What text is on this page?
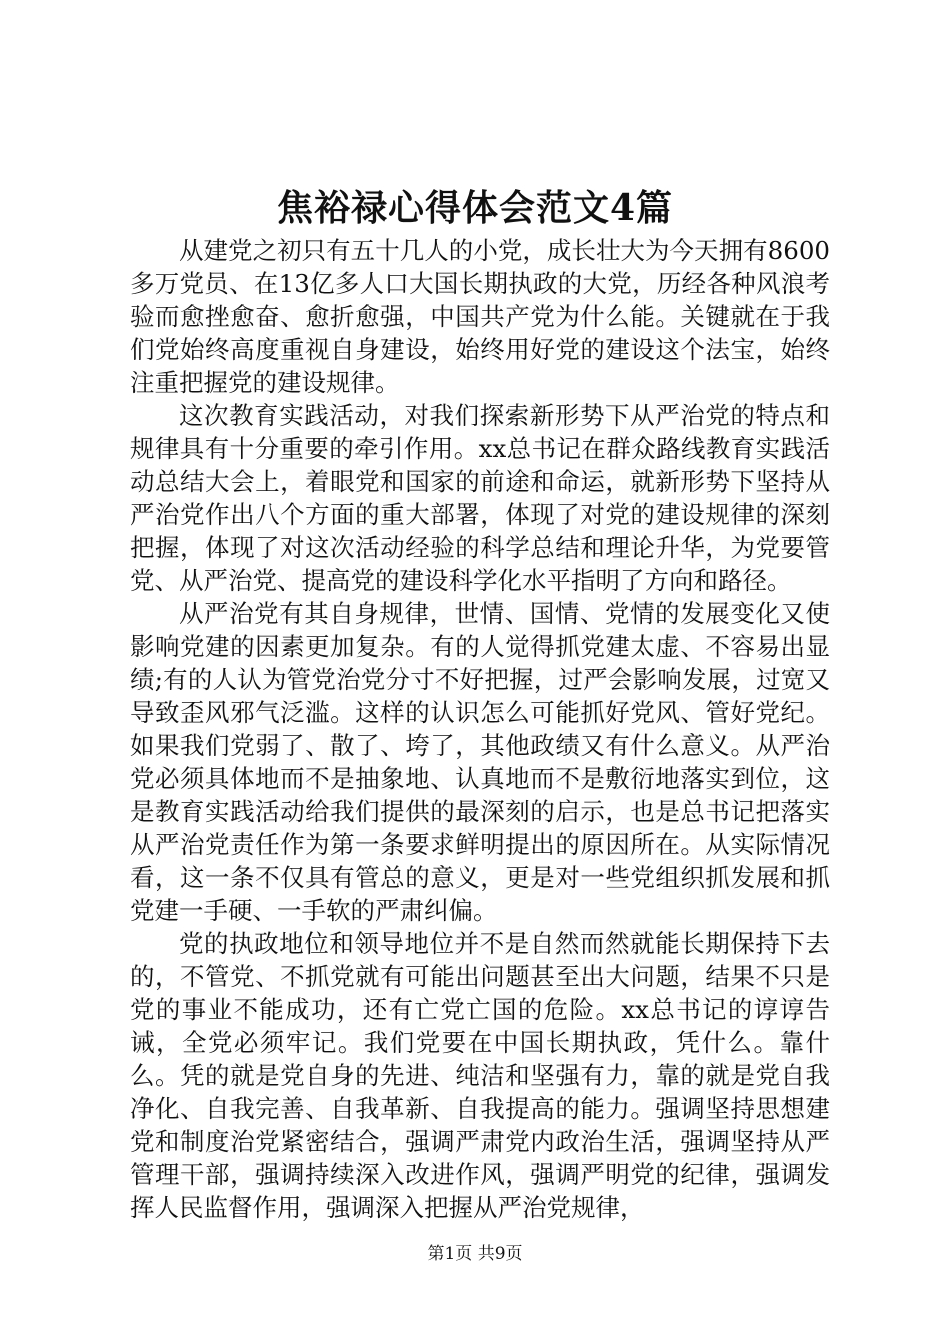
焦裕禄心得体会范文4篇

从建党之初只有五十几人的小党，成长壮大为今天拥有8600多万党员、在13亿多人口大国长期执政的大党，历经各种风浪考验而愈挫愈奋、愈折愈强，中国共产党为什么能。关键就在于我们党始终高度重视自身建设，始终用好党的建设这个法宝，始终注重把握党的建设规律。

这次教育实践活动，对我们探索新形势下从严治党的特点和规律具有十分重要的牵引作用。xx总书记在群众路线教育实践活动总结大会上，着眼党和国家的前途和命运，就新形势下坚持从严治党作出八个方面的重大部署，体现了对党的建设规律的深刻把握，体现了对这次活动经验的科学总结和理论升华，为党要管党、从严治党、提高党的建设科学化水平指明了方向和路径。

从严治党有其自身规律，世情、国情、党情的发展变化又使影响党建的因素更加复杂。有的人觉得抓党建太虚、不容易出显绩;有的人认为管党治党分寸不好把握，过严会影响发展，过宽又导致歪风邪气泛滥。这样的认识怎么可能抓好党风、管好党纪。如果我们党弱了、散了、垮了，其他政绩又有什么意义。从严治党必须具体地而不是抽象地、认真地而不是敷衍地落实到位，这是教育实践活动给我们提供的最深刻的启示，也是总书记把落实从严治党责任作为第一条要求鲜明提出的原因所在。从实际情况看，这一条不仅具有管总的意义，更是对一些党组织抓发展和抓党建一手硬、一手软的严肃纠偏。

党的执政地位和领导地位并不是自然而然就能长期保持下去的，不管党、不抓党就有可能出问题甚至出大问题，结果不只是党的事业不能成功，还有亡党亡国的危险。xx总书记的谆谆告诫，全党必须牢记。我们党要在中国长期执政，凭什么。靠什么。凭的就是党自身的先进、纯洁和坚强有力，靠的就是党自我净化、自我完善、自我革新、自我提高的能力。强调坚持思想建党和制度治党紧密结合，强调严肃党内政治生活，强调坚持从严管理干部，强调持续深入改进作风，强调严明党的纪律，强调发挥人民监督作用，强调深入把握从严治党规律，

第1页 共9页
